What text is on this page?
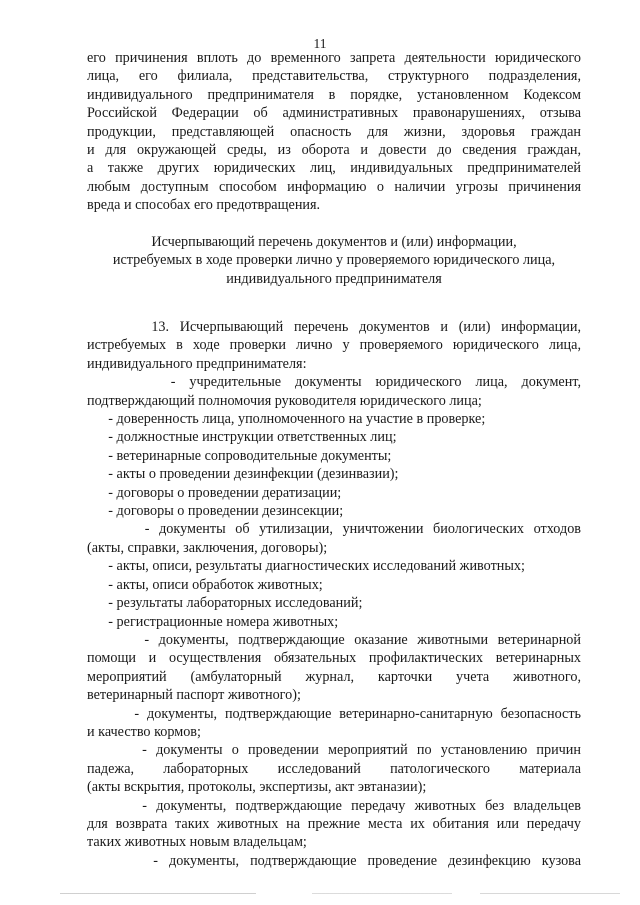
11
его причинения вплоть до временного запрета деятельности юридического
лица, его филиала, представительства, структурного подразделения,
индивидуального предпринимателя в порядке, установленном Кодексом
Российской Федерации об административных правонарушениях, отзыва
продукции, представляющей опасность для жизни, здоровья граждан
и для окружающей среды, из оборота и довести до сведения граждан,
а также других юридических лиц, индивидуальных предпринимателей
любым доступным способом информацию о наличии угрозы причинения
вреда и способах его предотвращения.
Исчерпывающий перечень документов и (или) информации,
истребуемых в ходе проверки лично у проверяемого юридического лица,
индивидуального предпринимателя
13. Исчерпывающий перечень документов и (или) информации,
истребуемых в ходе проверки лично у проверяемого юридического лица,
индивидуального предпринимателя:
- учредительные документы юридического лица, документ,
подтверждающий полномочия руководителя юридического лица;
- доверенность лица, уполномоченного на участие в проверке;
- должностные инструкции ответственных лиц;
- ветеринарные сопроводительные документы;
- акты о проведении дезинфекции (дезинвазии);
- договоры о проведении дератизации;
- договоры о проведении дезинсекции;
- документы об утилизации, уничтожении биологических отходов
(акты, справки, заключения, договоры);
- акты, описи, результаты диагностических исследований животных;
- акты, описи обработок животных;
- результаты лабораторных исследований;
- регистрационные номера животных;
- документы, подтверждающие оказание животными ветеринарной
помощи и осуществления обязательных профилактических ветеринарных
мероприятий (амбулаторный журнал, карточки учета животного,
ветеринарный паспорт животного);
- документы, подтверждающие ветеринарно-санитарную безопасность
и качество кормов;
- документы о проведении мероприятий по установлению причин
падежа, лабораторных исследований патологического материала
(акты вскрытия, протоколы, экспертизы, акт эвтаназии);
- документы, подтверждающие передачу животных без владельцев
для возврата таких животных на прежние места их обитания или передачу
таких животных новым владельцам;
- документы, подтверждающие проведение дезинфекцию кузова
